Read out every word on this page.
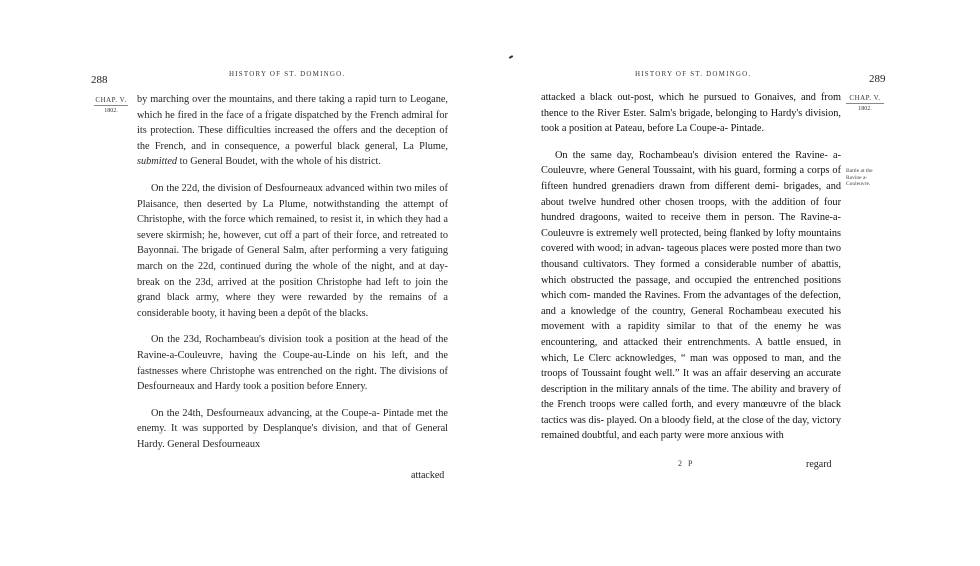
288	HISTORY OF ST. DOMINGO.
CHAP. V.
1802.

by marching over the mountains, and there taking a rapid turn to Leogane, which he fired in the face of a frigate dispatched by the French admiral for its protection. These difficulties increased the offers and the deception of the French, and in consequence, a powerful black general, La Plume, submitted to General Boudet, with the whole of his district.

On the 22d, the division of Desfourneaux advanced within two miles of Plaisance, then deserted by La Plume, notwithstanding the attempt of Christophe, with the force which remained, to resist it, in which they had a severe skirmish; he, however, cut off a part of their force, and retreated to Bayonnai. The brigade of General Salm, after performing a very fatiguing march on the 22d, continued during the whole of the night, and at day-break on the 23d, arrived at the position Christophe had left to join the grand black army, where they were rewarded by the remains of a considerable booty, it having been a depôt of the blacks.

On the 23d, Rochambeau's division took a position at the head of the Ravine-a-Couleuvre, having the Coupe-au-Linde on his left, and the fastnesses where Christophe was entrenched on the right. The divisions of Desfourneaux and Hardy took a position before Ennery.

On the 24th, Desfourneaux advancing, at the Coupe-a- Pintade met the enemy. It was supported by Desplanque's division, and that of General Hardy. General Desfourneaux

attacked
HISTORY OF ST. DOMINGO.	289
CHAP. V.
1802.
Battle at the Ravine a-Couleuvre.

attacked a black out-post, which he pursued to Gonaives, and from thence to the River Ester. Salm's brigade, belonging to Hardy's division, took a position at Pateau, before La Coupe-a- Pintade.

On the same day, Rochambeau's division entered the Ravine- a-Couleuvre, where General Toussaint, with his guard, forming a corps of fifteen hundred grenadiers drawn from different demi- brigades, and about twelve hundred other chosen troops, with the addition of four hundred dragoons, waited to receive them in person. The Ravine-a-Couleuvre is extremely well protected, being flanked by lofty mountains covered with wood; in advan- tageous places were posted more than two thousand cultivators. They formed a considerable number of abattis, which obstructed the passage, and occupied the entrenched positions which com- manded the Ravines. From the advantages of the defection, and a knowledge of the country, General Rochambeau executed his movement with a rapidity similar to that of the enemy he was encountering, and attacked their entrenchments. A battle ensued, in which, Le Clerc acknowledges, “ man was opposed to man, and the troops of Toussaint fought well.” It was an affair deserving an accurate description in the military annals of the time. The ability and bravery of the French troops were called forth, and every manœuvre of the black tactics was dis- played. On a bloody field, at the close of the day, victory remained doubtful, and each party were more anxious with

2 P	regard
